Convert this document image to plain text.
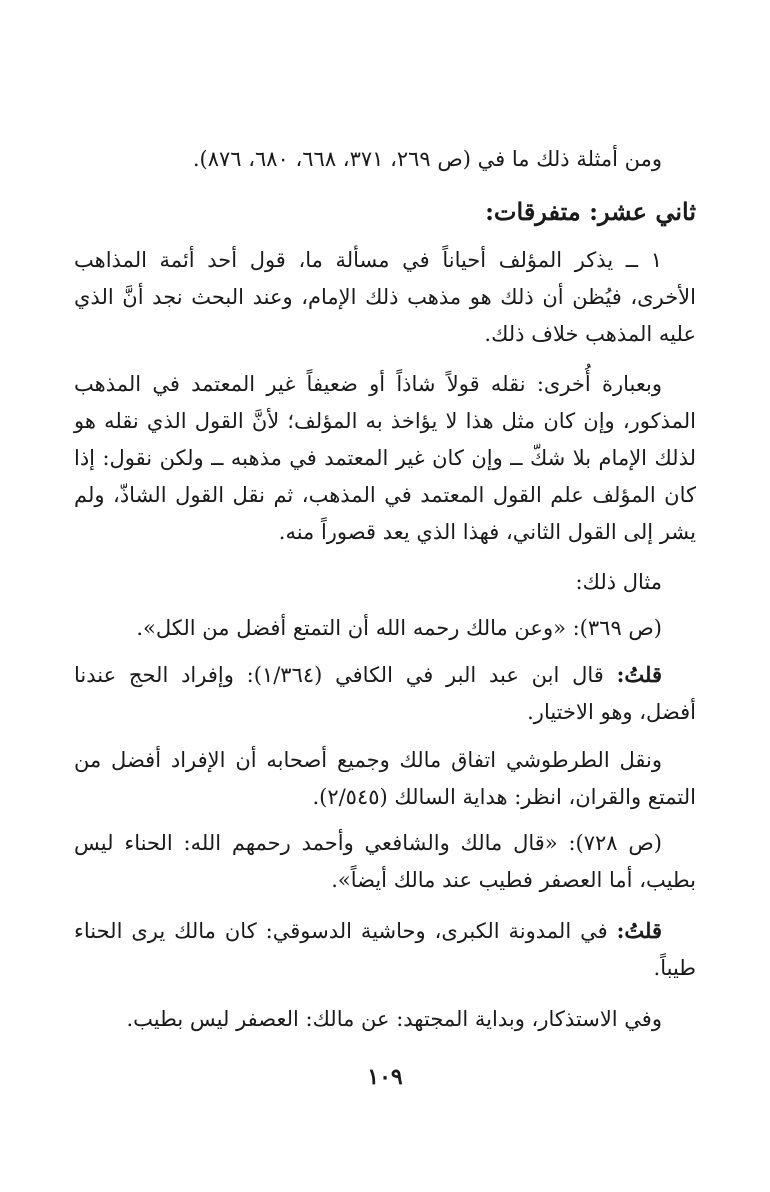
ومن أمثلة ذلك ما في (ص ٢٦٩، ٣٧١، ٦٦٨، ٦٨٠، ٨٧٦).
ثاني عشر: متفرقات:
١ ــ يذكر المؤلف أحياناً في مسألة ما، قول أحد أئمة المذاهب الأخرى، فيُظن أن ذلك هو مذهب ذلك الإمام، وعند البحث نجد أنَّ الذي عليه المذهب خلاف ذلك.
وبعبارة أُخرى: نقله قولاً شاذاً أو ضعيفاً غير المعتمد في المذهب المذكور، وإن كان مثل هذا لا يؤاخذ به المؤلف؛ لأنَّ القول الذي نقله هو لذلك الإمام بلا شكّ ــ وإن كان غير المعتمد في مذهبه ــ ولكن نقول: إذا كان المؤلف علم القول المعتمد في المذهب، ثم نقل القول الشاذّ، ولم يشر إلى القول الثاني، فهذا الذي يعد قصوراً منه.
مثال ذلك:
(ص ٣٦٩): «وعن مالك رحمه الله أن التمتع أفضل من الكل».
قلتُ: قال ابن عبد البر في الكافي (١/٣٦٤): وإفراد الحج عندنا أفضل، وهو الاختيار.
ونقل الطرطوشي اتفاق مالك وجميع أصحابه أن الإفراد أفضل من التمتع والقران، انظر: هداية السالك (٢/٥٤٥).
(ص ٧٢٨): «قال مالك والشافعي وأحمد رحمهم الله: الحناء ليس بطيب، أما العصفر فطيب عند مالك أيضاً».
قلتُ: في المدونة الكبرى، وحاشية الدسوقي: كان مالك يرى الحناء طيباً.
وفي الاستذكار، وبداية المجتهد: عن مالك: العصفر ليس بطيب.
١٠٩
